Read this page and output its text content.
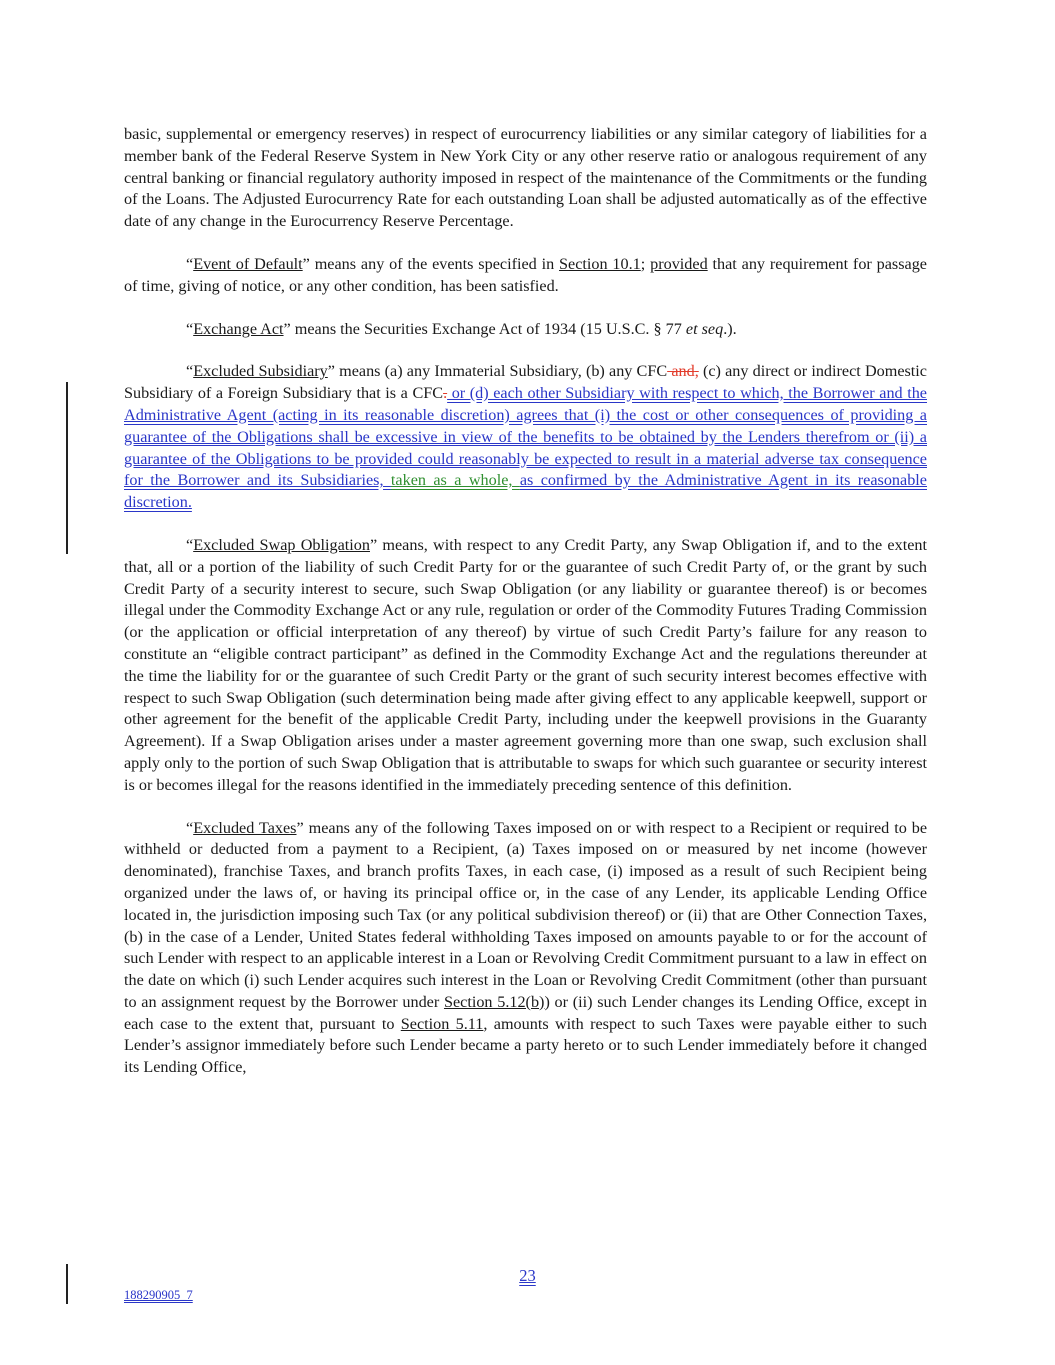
basic, supplemental or emergency reserves) in respect of eurocurrency liabilities or any similar category of liabilities for a member bank of the Federal Reserve System in New York City or any other reserve ratio or analogous requirement of any central banking or financial regulatory authority imposed in respect of the maintenance of the Commitments or the funding of the Loans. The Adjusted Eurocurrency Rate for each outstanding Loan shall be adjusted automatically as of the effective date of any change in the Eurocurrency Reserve Percentage.

“Event of Default” means any of the events specified in Section 10.1; provided that any requirement for passage of time, giving of notice, or any other condition, has been satisfied.

“Exchange Act” means the Securities Exchange Act of 1934 (15 U.S.C. § 77 et seq.).

“Excluded Subsidiary” means (a) any Immaterial Subsidiary, (b) any CFC and, (c) any direct or indirect Domestic Subsidiary of a Foreign Subsidiary that is a CFC. or (d) each other Subsidiary with respect to which, the Borrower and the Administrative Agent (acting in its reasonable discretion) agrees that (i) the cost or other consequences of providing a guarantee of the Obligations shall be excessive in view of the benefits to be obtained by the Lenders therefrom or (ii) a guarantee of the Obligations to be provided could reasonably be expected to result in a material adverse tax consequence for the Borrower and its Subsidiaries, taken as a whole, as confirmed by the Administrative Agent in its reasonable discretion.

“Excluded Swap Obligation” means, with respect to any Credit Party, any Swap Obligation if, and to the extent that, all or a portion of the liability of such Credit Party for or the guarantee of such Credit Party of, or the grant by such Credit Party of a security interest to secure, such Swap Obligation (or any liability or guarantee thereof) is or becomes illegal under the Commodity Exchange Act or any rule, regulation or order of the Commodity Futures Trading Commission (or the application or official interpretation of any thereof) by virtue of such Credit Party’s failure for any reason to constitute an “eligible contract participant” as defined in the Commodity Exchange Act and the regulations thereunder at the time the liability for or the guarantee of such Credit Party or the grant of such security interest becomes effective with respect to such Swap Obligation (such determination being made after giving effect to any applicable keepwell, support or other agreement for the benefit of the applicable Credit Party, including under the keepwell provisions in the Guaranty Agreement). If a Swap Obligation arises under a master agreement governing more than one swap, such exclusion shall apply only to the portion of such Swap Obligation that is attributable to swaps for which such guarantee or security interest is or becomes illegal for the reasons identified in the immediately preceding sentence of this definition.

“Excluded Taxes” means any of the following Taxes imposed on or with respect to a Recipient or required to be withheld or deducted from a payment to a Recipient, (a) Taxes imposed on or measured by net income (however denominated), franchise Taxes, and branch profits Taxes, in each case, (i) imposed as a result of such Recipient being organized under the laws of, or having its principal office or, in the case of any Lender, its applicable Lending Office located in, the jurisdiction imposing such Tax (or any political subdivision thereof) or (ii) that are Other Connection Taxes, (b) in the case of a Lender, United States federal withholding Taxes imposed on amounts payable to or for the account of such Lender with respect to an applicable interest in a Loan or Revolving Credit Commitment pursuant to a law in effect on the date on which (i) such Lender acquires such interest in the Loan or Revolving Credit Commitment (other than pursuant to an assignment request by the Borrower under Section 5.12(b)) or (ii) such Lender changes its Lending Office, except in each case to the extent that, pursuant to Section 5.11, amounts with respect to such Taxes were payable either to such Lender’s assignor immediately before such Lender became a party hereto or to such Lender immediately before it changed its Lending Office,

23
188290905_7
